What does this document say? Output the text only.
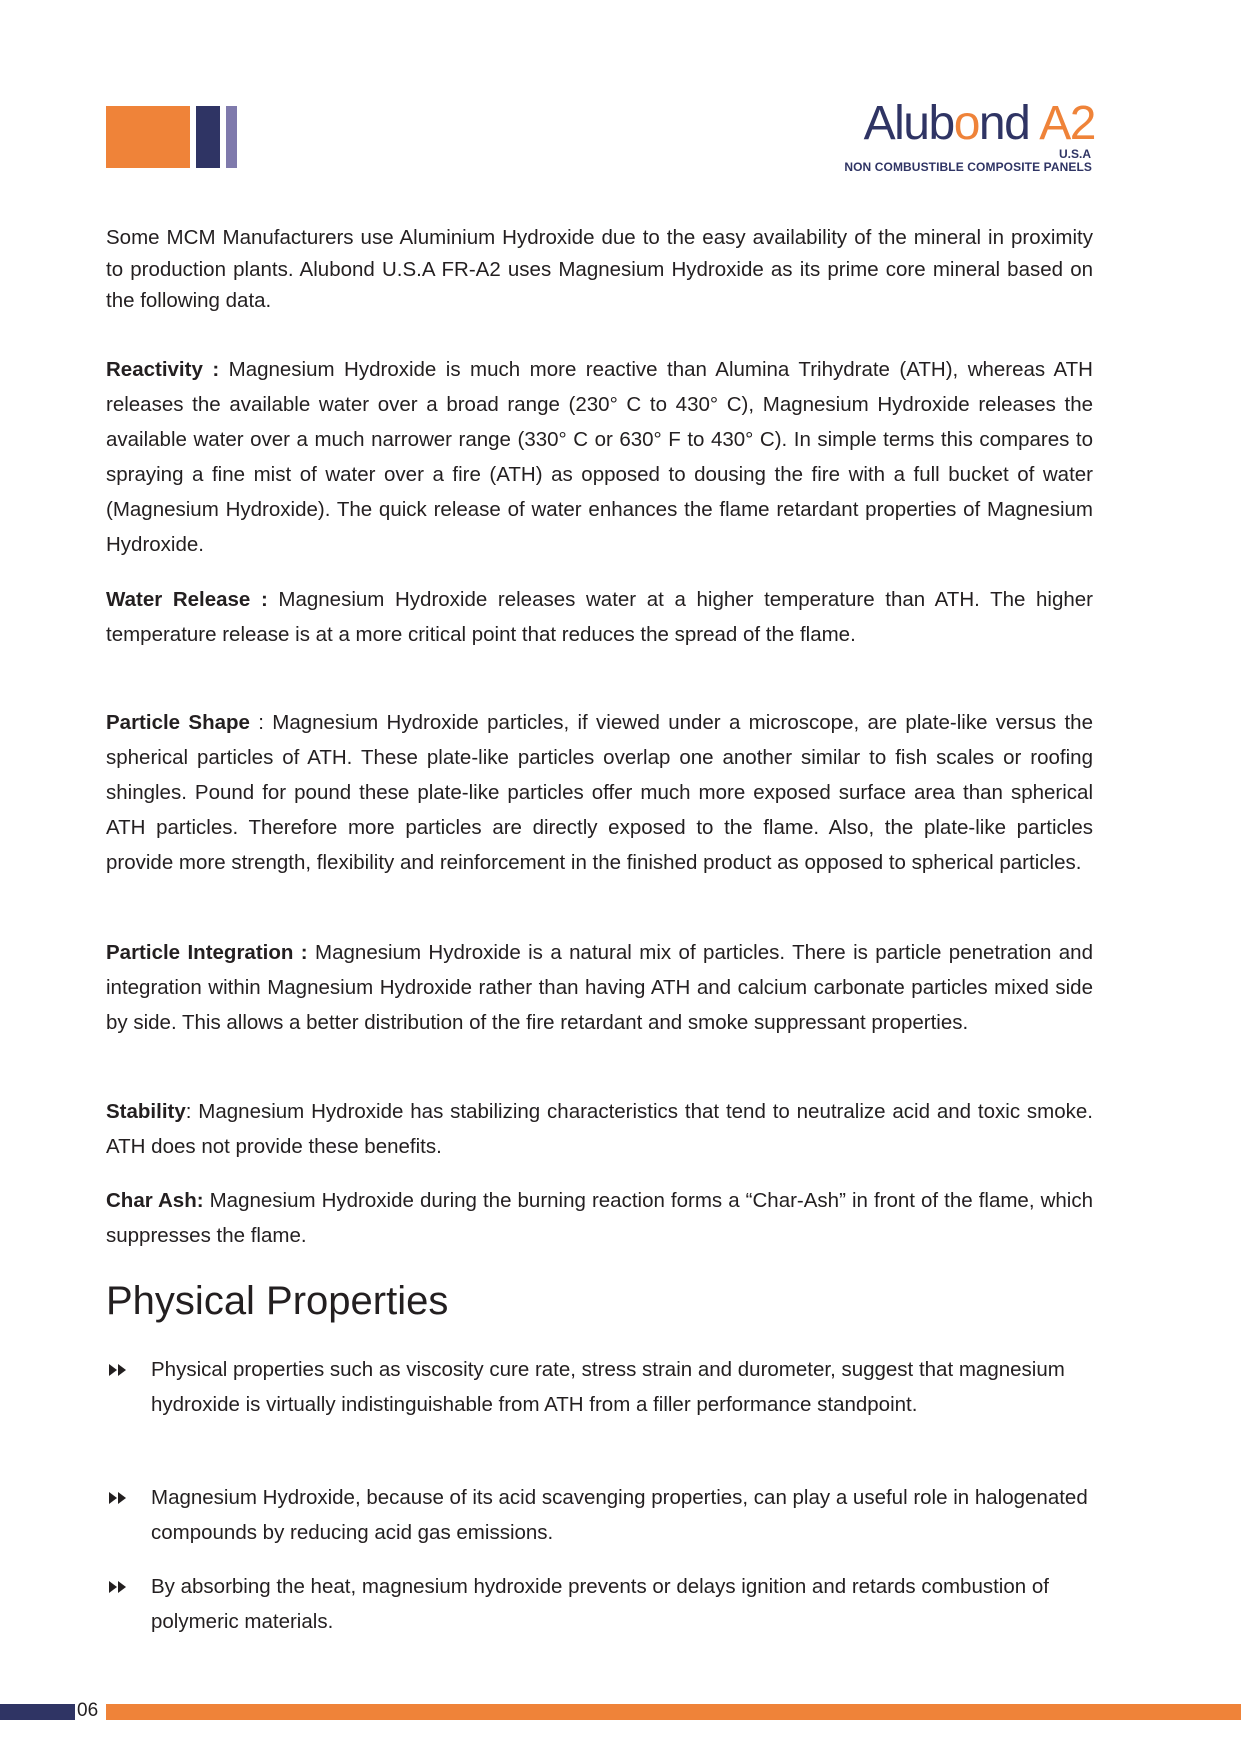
Alubond A2
U.S.A
NON COMBUSTIBLE COMPOSITE PANELS

Some MCM Manufacturers use Aluminium Hydroxide due to the easy availability of the mineral in proximity to production plants. Alubond U.S.A FR-A2 uses Magnesium Hydroxide as its prime core mineral based on the following data.

Reactivity : Magnesium Hydroxide is much more reactive than Alumina Trihydrate (ATH), whereas ATH releases the available water over a broad range (230° C to 430° C), Magnesium Hydroxide releases the available water over a much narrower range (330° C or 630° F to 430° C). In simple terms this compares to spraying a fine mist of water over a fire (ATH) as opposed to dousing the fire with a full bucket of water (Magnesium Hydroxide). The quick release of water enhances the flame retardant properties of Magnesium Hydroxide.

Water Release : Magnesium Hydroxide releases water at a higher temperature than ATH. The higher temperature release is at a more critical point that reduces the spread of the flame.

Particle Shape : Magnesium Hydroxide particles, if viewed under a microscope, are plate-like versus the spherical particles of ATH. These plate-like particles overlap one another similar to fish scales or roofing shingles. Pound for pound these plate-like particles offer much more exposed surface area than spherical ATH particles. Therefore more particles are directly exposed to the flame. Also, the plate-like particles provide more strength, flexibility and reinforcement in the finished product as opposed to spherical particles.

Particle Integration : Magnesium Hydroxide is a natural mix of particles. There is particle penetration and integration within Magnesium Hydroxide rather than having ATH and calcium carbonate particles mixed side by side. This allows a better distribution of the fire retardant and smoke suppressant properties.

Stability: Magnesium Hydroxide has stabilizing characteristics that tend to neutralize acid and toxic smoke. ATH does not provide these benefits.

Char Ash: Magnesium Hydroxide during the burning reaction forms a “Char-Ash” in front of the flame, which suppresses the flame.

Physical Properties
Physical properties such as viscosity cure rate, stress strain and durometer, suggest that magnesium hydroxide is virtually indistinguishable from ATH from a filler performance standpoint.
Magnesium Hydroxide, because of its acid scavenging properties, can play a useful role in halogenated compounds by reducing acid gas emissions.
By absorbing the heat, magnesium hydroxide prevents or delays ignition and retards combustion of polymeric materials.
06
